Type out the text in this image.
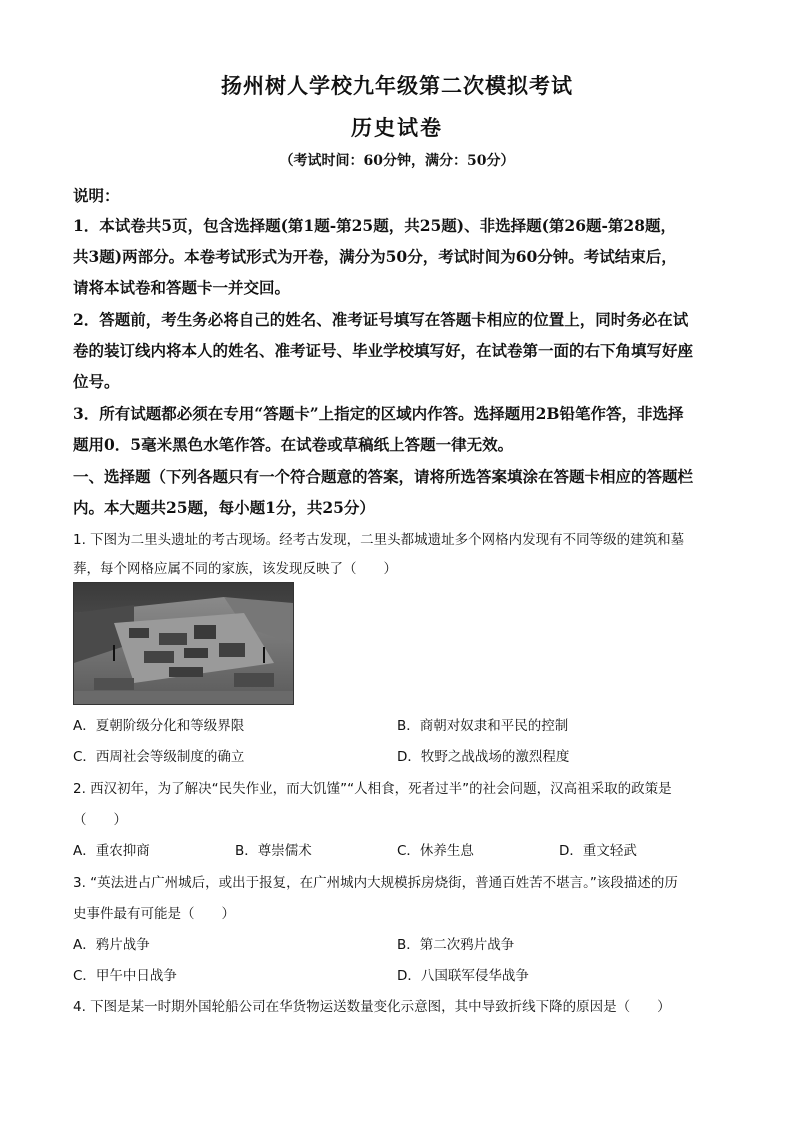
扬州树人学校九年级第二次模拟考试
历史试卷
（考试时间：60分钟，满分：50分）
说明：
1．本试卷共5页，包含选择题(第1题-第25题，共25题)、非选择题(第26题-第28题，
共3题)两部分。本卷考试形式为开卷，满分为50分，考试时间为60分钟。考试结束后，
请将本试卷和答题卡一并交回。
2．答题前，考生务必将自己的姓名、准考证号填写在答题卡相应的位置上，同时务必在试
卷的装订线内将本人的姓名、准考证号、毕业学校填写好，在试卷第一面的右下角填写好座
位号。
3．所有试题都必须在专用“答题卡”上指定的区域内作答。选择题用2B铅笔作答，非选择
题用0．5毫米黑色水笔作答。在试卷或草稿纸上答题一律无效。
一、选择题（下列各题只有一个符合题意的答案，请将所选答案填涂在答题卡相应的答题栏
内。本大题共25题，每小题1分，共25分）
1. 下图为二里头遗址的考古现场。经考古发现，二里头都城遗址多个网格内发现有不同等级的建筑和墓
葬，每个网格应属不同的家族，该发现反映了（　　）
A．夏朝阶级分化和等级界限	B．商朝对奴隶和平民的控制
C．西周社会等级制度的确立	D．牧野之战战场的激烈程度
2. 西汉初年，为了解决“民失作业，而大饥馑”“人相食，死者过半”的社会问题，汉高祖采取的政策是
（　　）
A．重农抑商	B．尊崇儒术	C．休养生息	D．重文轻武
3. “英法进占广州城后，或出于报复，在广州城内大规模拆房烧街，普通百姓苦不堪言。”该段描述的历
史事件最有可能是（　　）
A．鸦片战争	B．第二次鸦片战争
C．甲午中日战争	D．八国联军侵华战争
4. 下图是某一时期外国轮船公司在华货物运送数量变化示意图，其中导致折线下降的原因是（　　）
